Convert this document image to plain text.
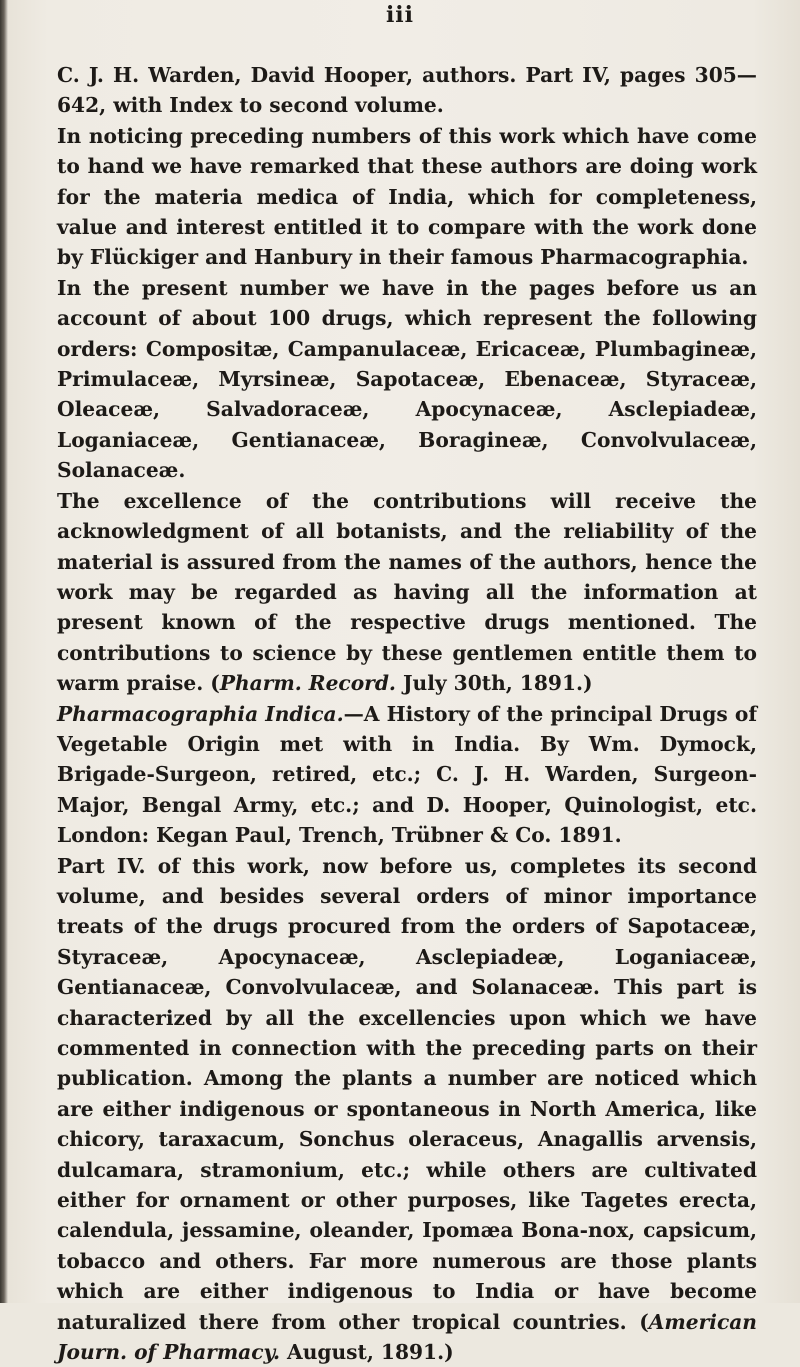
iii

C. J. H. Warden, David Hooper, authors. Part IV, pages 305—642, with Index to second volume.

In noticing preceding numbers of this work which have come to hand we have remarked that these authors are doing work for the materia medica of India, which for completeness, value and interest entitled it to compare with the work done by Flückiger and Hanbury in their famous Pharmacographia.

In the present number we have in the pages before us an account of about 100 drugs, which represent the following orders: Compositæ, Campanulaceæ, Ericaceæ, Plumbagineæ, Primulaceæ, Myrsineæ, Sapotaceæ, Ebenaceæ, Styraceæ, Oleaceæ, Salvadoraceæ, Apocynaceæ, Asclepiadeæ, Loganiaceæ, Gentianaceæ, Boragineæ, Convolvulaceæ, Solanaceæ.

The excellence of the contributions will receive the acknowledgment of all botanists, and the reliability of the material is assured from the names of the authors, hence the work may be regarded as having all the information at present known of the respective drugs mentioned. The contributions to science by these gentlemen entitle them to warm praise. (Pharm. Record. July 30th, 1891.)

Pharmacographia Indica.—A History of the principal Drugs of Vegetable Origin met with in India. By Wm. Dymock, Brigade-Surgeon, retired, etc.; C. J. H. Warden, Surgeon-Major, Bengal Army, etc.; and D. Hooper, Quinologist, etc. London: Kegan Paul, Trench, Trübner & Co. 1891.

Part IV. of this work, now before us, completes its second volume, and besides several orders of minor importance treats of the drugs procured from the orders of Sapotaceæ, Styraceæ, Apocynaceæ, Asclepiadeæ, Loganiaceæ, Gentianaceæ, Convolvulaceæ, and Solanaceæ. This part is characterized by all the excellencies upon which we have commented in connection with the preceding parts on their publication. Among the plants a number are noticed which are either indigenous or spontaneous in North America, like chicory, taraxacum, Sonchus oleraceus, Anagallis arvensis, dulcamara, stramonium, etc.; while others are cultivated either for ornament or other purposes, like Tagetes erecta, calendula, jessamine, oleander, Ipomæa Bona-nox, capsicum, tobacco and others. Far more numerous are those plants which are either indigenous to India or have become naturalized there from other tropical countries. (American Journ. of Pharmacy. August, 1891.)
